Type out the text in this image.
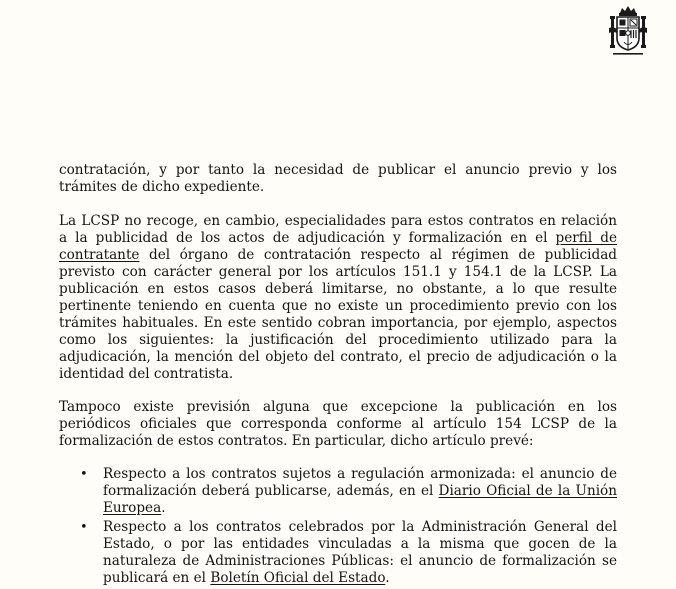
contratación, y por tanto la necesidad de publicar el anuncio previo y los trámites de dicho expediente.

La LCSP no recoge, en cambio, especialidades para estos contratos en relación a la publicidad de los actos de adjudicación y formalización en el perfil de contratante del órgano de contratación respecto al régimen de publicidad previsto con carácter general por los artículos 151.1 y 154.1 de la LCSP. La publicación en estos casos deberá limitarse, no obstante, a lo que resulte pertinente teniendo en cuenta que no existe un procedimiento previo con los trámites habituales. En este sentido cobran importancia, por ejemplo, aspectos como los siguientes: la justificación del procedimiento utilizado para la adjudicación, la mención del objeto del contrato, el precio de adjudicación o la identidad del contratista.

Tampoco existe previsión alguna que excepcione la publicación en los periódicos oficiales que corresponda conforme al artículo 154 LCSP de la formalización de estos contratos. En particular, dicho artículo prevé:

• Respecto a los contratos sujetos a regulación armonizada: el anuncio de formalización deberá publicarse, además, en el Diario Oficial de la Unión Europea.
• Respecto a los contratos celebrados por la Administración General del Estado, o por las entidades vinculadas a la misma que gocen de la naturaleza de Administraciones Públicas: el anuncio de formalización se publicará en el Boletín Oficial del Estado.
